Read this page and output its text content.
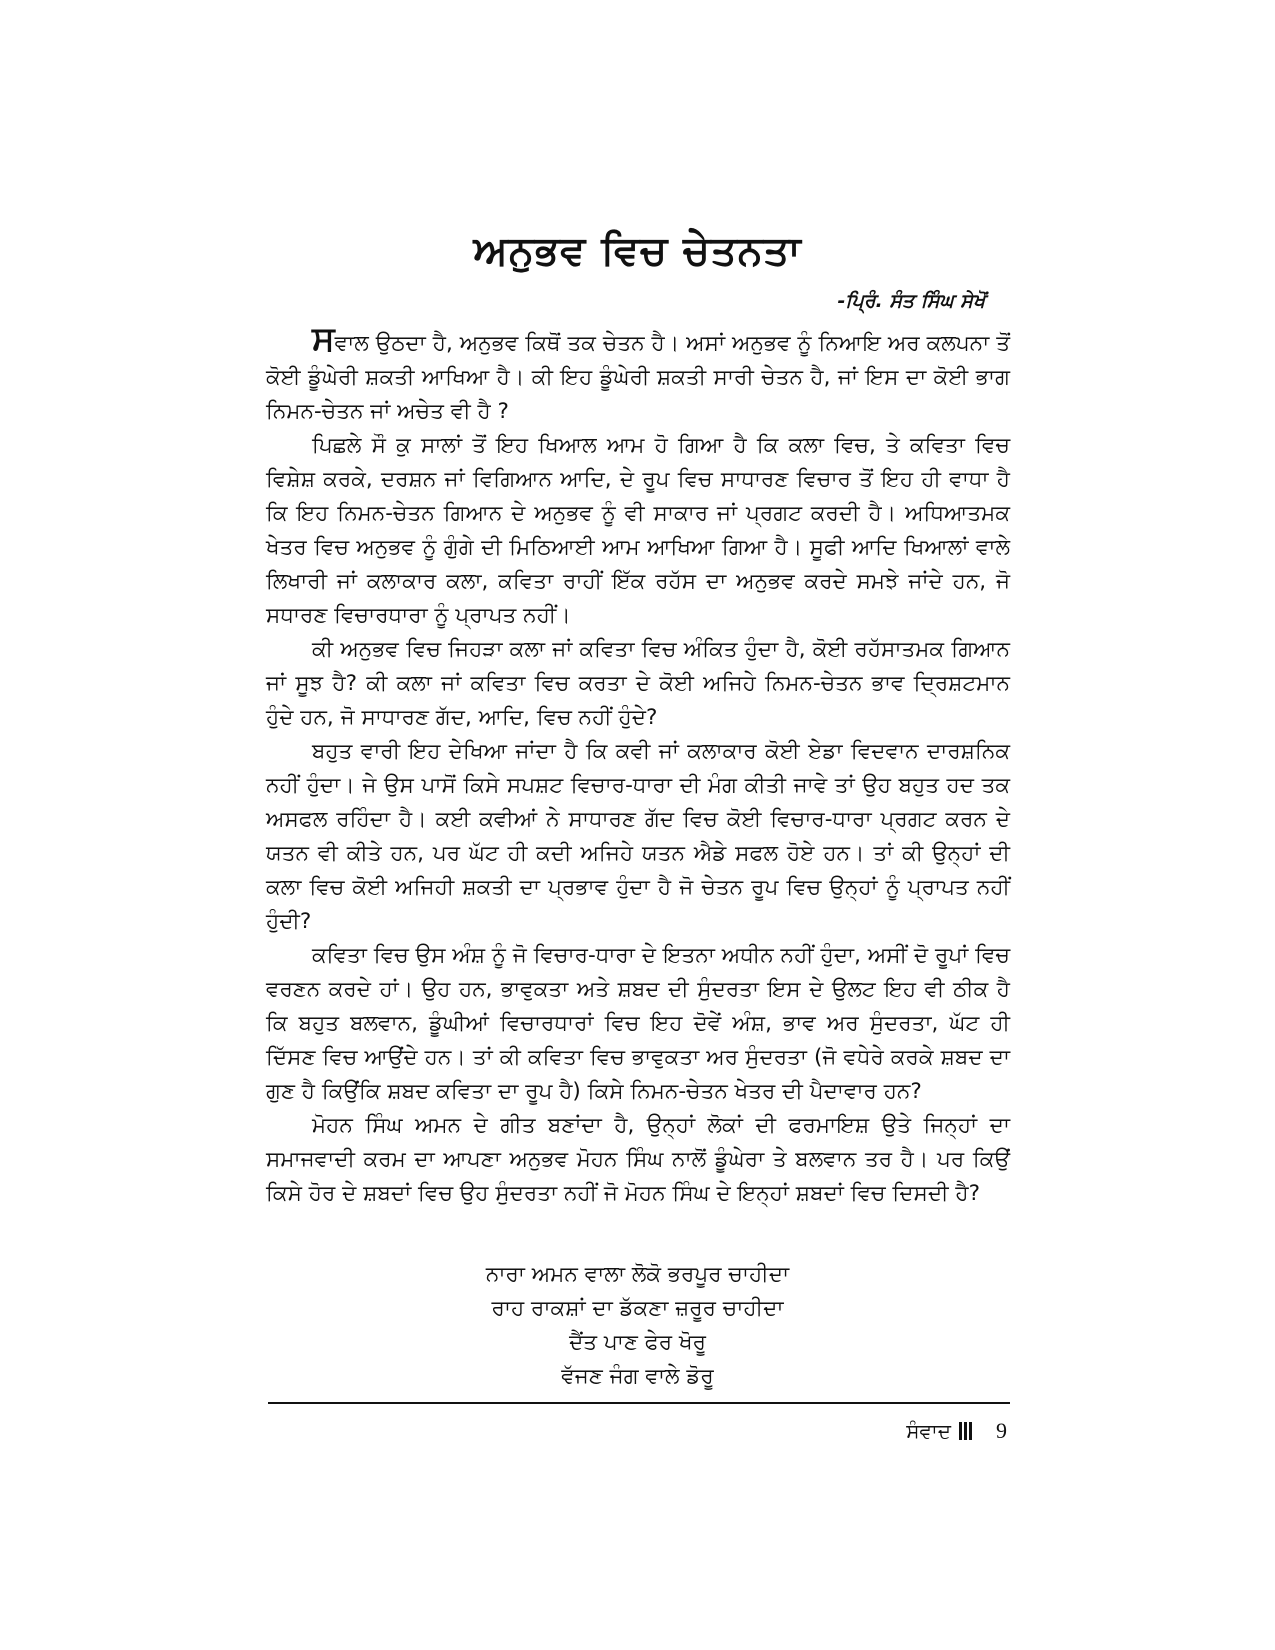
ਅਨੁਭਵ ਵਿਚ ਚੇਤਨਤਾ
-ਪ੍ਰਿੰ. ਸੰਤ ਸਿੰਘ ਸੇਖੋਂ

ਸਵਾਲ ਉਠਦਾ ਹੈ, ਅਨੁਭਵ ਕਿਥੋਂ ਤਕ ਚੇਤਨ ਹੈ। ਅਸਾਂ ਅਨੁਭਵ ਨੂੰ ਨਿਆਇ ਅਰ ਕਲਪਨਾ ਤੋਂ ਕੋਈ ਡੂੰਘੇਰੀ ਸ਼ਕਤੀ ਆਖਿਆ ਹੈ। ਕੀ ਇਹ ਡੂੰਘੇਰੀ ਸ਼ਕਤੀ ਸਾਰੀ ਚੇਤਨ ਹੈ, ਜਾਂ ਇਸ ਦਾ ਕੋਈ ਭਾਗ ਨਿਮਨ-ਚੇਤਨ ਜਾਂ ਅਚੇਤ ਵੀ ਹੈ ?

ਪਿਛਲੇ ਸੌ ਕੁ ਸਾਲਾਂ ਤੋਂ ਇਹ ਖਿਆਲ ਆਮ ਹੋ ਗਿਆ ਹੈ ਕਿ ਕਲਾ ਵਿਚ, ਤੇ ਕਵਿਤਾ ਵਿਚ ਵਿਸ਼ੇਸ਼ ਕਰਕੇ, ਦਰਸ਼ਨ ਜਾਂ ਵਿਗਿਆਨ ਆਦਿ, ਦੇ ਰੂਪ ਵਿਚ ਸਾਧਾਰਣ ਵਿਚਾਰ ਤੋਂ ਇਹ ਹੀ ਵਾਧਾ ਹੈ ਕਿ ਇਹ ਨਿਮਨ-ਚੇਤਨ ਗਿਆਨ ਦੇ ਅਨੁਭਵ ਨੂੰ ਵੀ ਸਾਕਾਰ ਜਾਂ ਪ੍ਰਗਟ ਕਰਦੀ ਹੈ। ਅਧਿਆਤਮਕ ਖੇਤਰ ਵਿਚ ਅਨੁਭਵ ਨੂੰ ਗੁੰਗੇ ਦੀ ਮਿਠਿਆਈ ਆਮ ਆਖਿਆ ਗਿਆ ਹੈ। ਸੂਫੀ ਆਦਿ ਖਿਆਲਾਂ ਵਾਲੇ ਲਿਖਾਰੀ ਜਾਂ ਕਲਾਕਾਰ ਕਲਾ, ਕਵਿਤਾ ਰਾਹੀਂ ਇੱਕ ਰਹੱਸ ਦਾ ਅਨੁਭਵ ਕਰਦੇ ਸਮਝੇ ਜਾਂਦੇ ਹਨ, ਜੋ ਸਧਾਰਣ ਵਿਚਾਰਧਾਰਾ ਨੂੰ ਪ੍ਰਾਪਤ ਨਹੀਂ।

ਕੀ ਅਨੁਭਵ ਵਿਚ ਜਿਹੜਾ ਕਲਾ ਜਾਂ ਕਵਿਤਾ ਵਿਚ ਅੰਕਿਤ ਹੁੰਦਾ ਹੈ, ਕੋਈ ਰਹੱਸਾਤਮਕ ਗਿਆਨ ਜਾਂ ਸੂਝ ਹੈ? ਕੀ ਕਲਾ ਜਾਂ ਕਵਿਤਾ ਵਿਚ ਕਰਤਾ ਦੇ ਕੋਈ ਅਜਿਹੇ ਨਿਮਨ-ਚੇਤਨ ਭਾਵ ਦ੍ਰਿਸ਼ਟਮਾਨ ਹੁੰਦੇ ਹਨ, ਜੋ ਸਾਧਾਰਣ ਗੱਦ, ਆਦਿ, ਵਿਚ ਨਹੀਂ ਹੁੰਦੇ?

ਬਹੁਤ ਵਾਰੀ ਇਹ ਦੇਖਿਆ ਜਾਂਦਾ ਹੈ ਕਿ ਕਵੀ ਜਾਂ ਕਲਾਕਾਰ ਕੋਈ ਏਡਾ ਵਿਦਵਾਨ ਦਾਰਸ਼ਨਿਕ ਨਹੀਂ ਹੁੰਦਾ। ਜੇ ਉਸ ਪਾਸੋਂ ਕਿਸੇ ਸਪਸ਼ਟ ਵਿਚਾਰ-ਧਾਰਾ ਦੀ ਮੰਗ ਕੀਤੀ ਜਾਵੇ ਤਾਂ ਉਹ ਬਹੁਤ ਹਦ ਤਕ ਅਸਫਲ ਰਹਿੰਦਾ ਹੈ। ਕਈ ਕਵੀਆਂ ਨੇ ਸਾਧਾਰਣ ਗੱਦ ਵਿਚ ਕੋਈ ਵਿਚਾਰ-ਧਾਰਾ ਪ੍ਰਗਟ ਕਰਨ ਦੇ ਯਤਨ ਵੀ ਕੀਤੇ ਹਨ, ਪਰ ਘੱਟ ਹੀ ਕਦੀ ਅਜਿਹੇ ਯਤਨ ਐਡੇ ਸਫਲ ਹੋਏ ਹਨ। ਤਾਂ ਕੀ ਉਨ੍ਹਾਂ ਦੀ ਕਲਾ ਵਿਚ ਕੋਈ ਅਜਿਹੀ ਸ਼ਕਤੀ ਦਾ ਪ੍ਰਭਾਵ ਹੁੰਦਾ ਹੈ ਜੋ ਚੇਤਨ ਰੂਪ ਵਿਚ ਉਨ੍ਹਾਂ ਨੂੰ ਪ੍ਰਾਪਤ ਨਹੀਂ ਹੁੰਦੀ?

ਕਵਿਤਾ ਵਿਚ ਉਸ ਅੰਸ਼ ਨੂੰ ਜੋ ਵਿਚਾਰ-ਧਾਰਾ ਦੇ ਇਤਨਾ ਅਧੀਨ ਨਹੀਂ ਹੁੰਦਾ, ਅਸੀਂ ਦੋ ਰੂਪਾਂ ਵਿਚ ਵਰਣਨ ਕਰਦੇ ਹਾਂ। ਉਹ ਹਨ, ਭਾਵੁਕਤਾ ਅਤੇ ਸ਼ਬਦ ਦੀ ਸੁੰਦਰਤਾ ਇਸ ਦੇ ਉਲਟ ਇਹ ਵੀ ਠੀਕ ਹੈ ਕਿ ਬਹੁਤ ਬਲਵਾਨ, ਡੂੰਘੀਆਂ ਵਿਚਾਰਧਾਰਾਂ ਵਿਚ ਇਹ ਦੋਵੇਂ ਅੰਸ਼, ਭਾਵ ਅਰ ਸੁੰਦਰਤਾ, ਘੱਟ ਹੀ ਦਿੱਸਣ ਵਿਚ ਆਉਂਦੇ ਹਨ। ਤਾਂ ਕੀ ਕਵਿਤਾ ਵਿਚ ਭਾਵੁਕਤਾ ਅਰ ਸੁੰਦਰਤਾ (ਜੋ ਵਧੇਰੇ ਕਰਕੇ ਸ਼ਬਦ ਦਾ ਗੁਣ ਹੈ ਕਿਉਂਕਿ ਸ਼ਬਦ ਕਵਿਤਾ ਦਾ ਰੂਪ ਹੈ) ਕਿਸੇ ਨਿਮਨ-ਚੇਤਨ ਖੇਤਰ ਦੀ ਪੈਦਾਵਾਰ ਹਨ?

ਮੋਹਨ ਸਿੰਘ ਅਮਨ ਦੇ ਗੀਤ ਬਣਾਂਦਾ ਹੈ, ਉਨ੍ਹਾਂ ਲੋਕਾਂ ਦੀ ਫਰਮਾਇਸ਼ ਉਤੇ ਜਿਨ੍ਹਾਂ ਦਾ ਸਮਾਜਵਾਦੀ ਕਰਮ ਦਾ ਆਪਣਾ ਅਨੁਭਵ ਮੋਹਨ ਸਿੰਘ ਨਾਲੋਂ ਡੂੰਘੇਰਾ ਤੇ ਬਲਵਾਨ ਤਰ ਹੈ। ਪਰ ਕਿਉਂ ਕਿਸੇ ਹੋਰ ਦੇ ਸ਼ਬਦਾਂ ਵਿਚ ਉਹ ਸੁੰਦਰਤਾ ਨਹੀਂ ਜੋ ਮੋਹਨ ਸਿੰਘ ਦੇ ਇਨ੍ਹਾਂ ਸ਼ਬਦਾਂ ਵਿਚ ਦਿਸਦੀ ਹੈ?

ਨਾਰਾ ਅਮਨ ਵਾਲਾ ਲੋਕੋ ਭਰਪੂਰ ਚਾਹੀਦਾ
ਰਾਹ ਰਾਕਸ਼ਾਂ ਦਾ ਡੱਕਣਾ ਜ਼ਰੂਰ ਚਾਹੀਦਾ
ਦੈਂਤ ਪਾਣ ਫੇਰ ਖੋਰੂ
ਵੱਜਣ ਜੰਗ ਵਾਲੇ ਡੋਰੂ
ਸੰਵਾਦ 9
